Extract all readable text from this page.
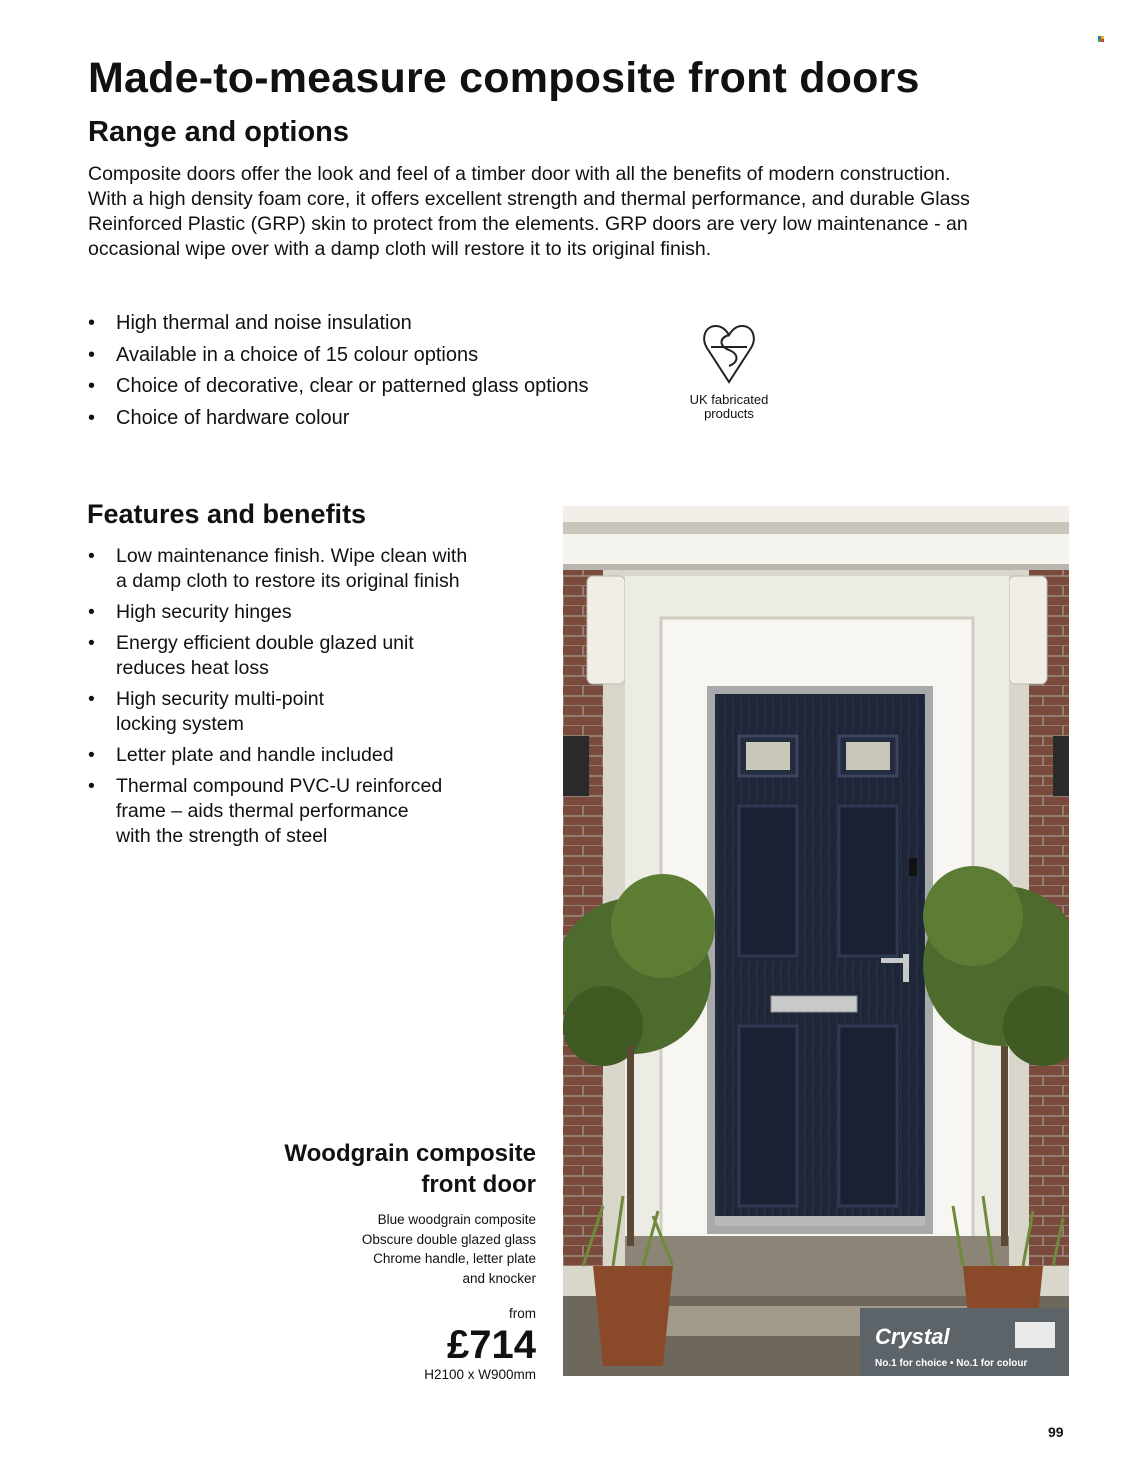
Made-to-measure composite front doors
Range and options

Composite doors offer the look and feel of a timber door with all the benefits of modern construction.

With a high density foam core, it offers excellent strength and thermal performance, and durable Glass

Reinforced Plastic (GRP) skin to protect from the elements. GRP doors are very low maintenance - an

occasional wipe over with a damp cloth will restore it to its original finish.

• High thermal and noise insulation
• Available in a choice of 15 colour options
• Choice of decorative, clear or patterned glass options
• Choice of hardware colour
UK fabricated
products
Features and benefits
• Low maintenance finish. Wipe clean with
a damp cloth to restore its original finish
• High security hinges
• Energy efficient double glazed unit
reduces heat loss
• High security multi-point
locking system
• Letter plate and handle included
• Thermal compound PVC-U reinforced
frame – aids thermal performance
with the strength of steel
Woodgrain composite
front door
Blue woodgrain composite
Obscure double glazed glass
Chrome handle, letter plate
and knocker
from
£714
H2100 x W900mm
Crystal
No.1 for choice • No.1 for colour
99
